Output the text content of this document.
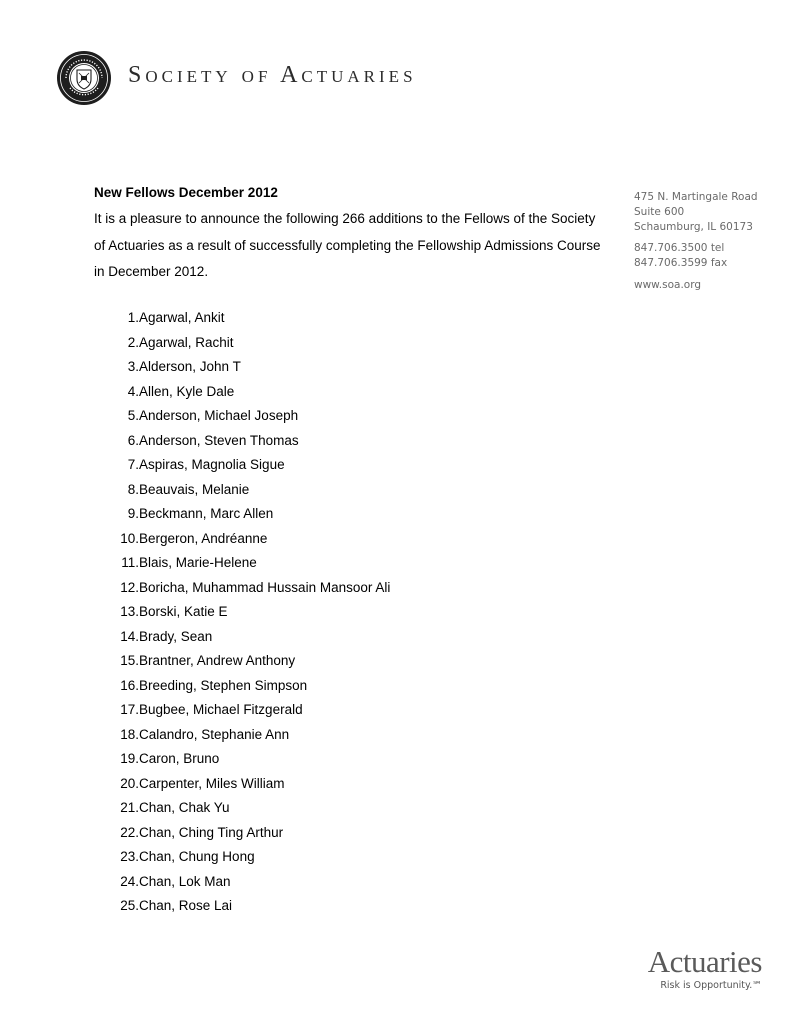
Society of Actuaries
475 N. Martingale Road
Suite 600
Schaumburg, IL 60173
847.706.3500 tel
847.706.3599 fax
www.soa.org
New Fellows December 2012
It is a pleasure to announce the following 266 additions to the Fellows of the Society
of Actuaries as a result of successfully completing the Fellowship Admissions Course
in December 2012.
1. Agarwal, Ankit
2. Agarwal, Rachit
3. Alderson, John T
4. Allen, Kyle Dale
5. Anderson, Michael Joseph
6. Anderson, Steven Thomas
7. Aspiras, Magnolia Sigue
8. Beauvais, Melanie
9. Beckmann, Marc Allen
10. Bergeron, Andréanne
11. Blais, Marie-Helene
12. Boricha, Muhammad Hussain Mansoor Ali
13. Borski, Katie E
14. Brady, Sean
15. Brantner, Andrew Anthony
16. Breeding, Stephen Simpson
17. Bugbee, Michael Fitzgerald
18. Calandro, Stephanie Ann
19. Caron, Bruno
20. Carpenter, Miles William
21. Chan, Chak Yu
22. Chan, Ching Ting Arthur
23. Chan, Chung Hong
24. Chan, Lok Man
25. Chan, Rose Lai
Actuaries
Risk is Opportunity.℠
